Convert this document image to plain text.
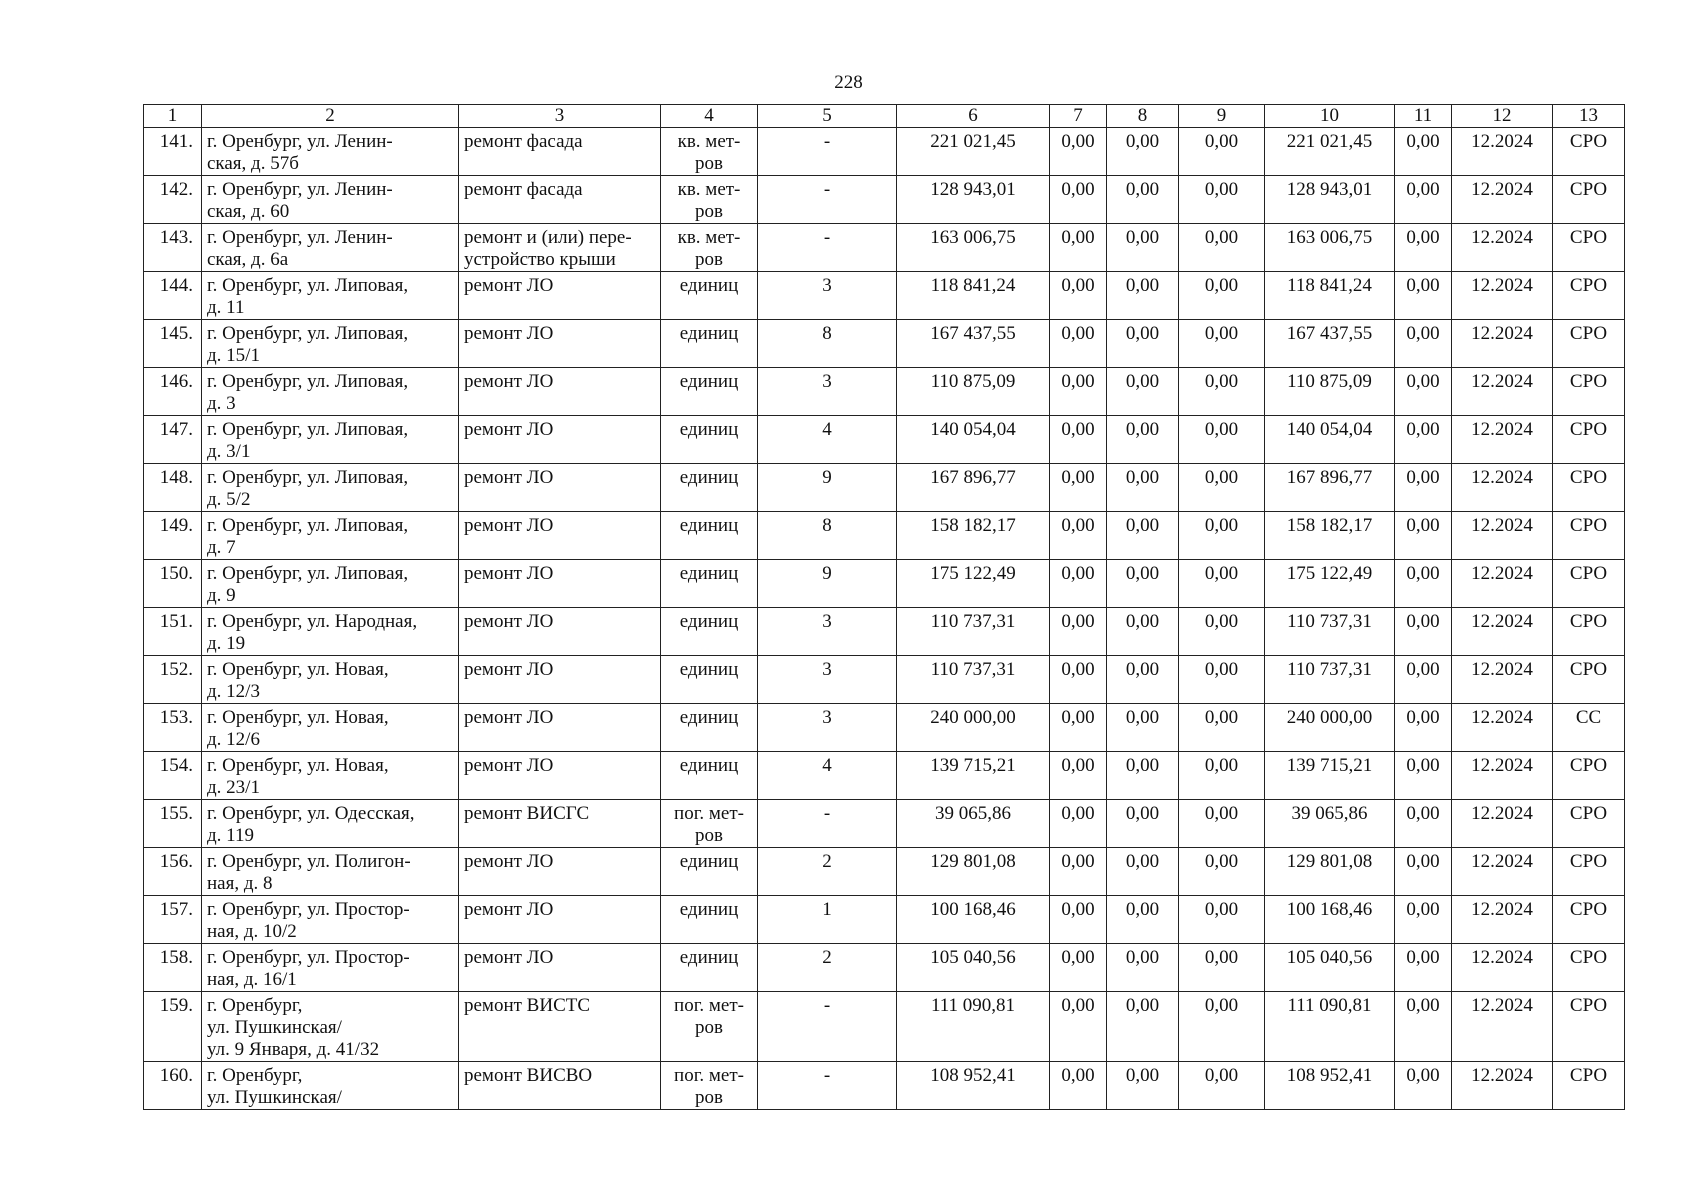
228
1	2	3	4	5	6	7	8	9	10	11	12	13
141.	г. Оренбург, ул. Ленин-
ская, д. 57б	ремонт фасада	кв. мет-
ров	-	221 021,45	0,00	0,00	0,00	221 021,45	0,00	12.2024	СРО
142.	г. Оренбург, ул. Ленин-
ская, д. 60	ремонт фасада	кв. мет-
ров	-	128 943,01	0,00	0,00	0,00	128 943,01	0,00	12.2024	СРО
143.	г. Оренбург, ул. Ленин-
ская, д. 6а	ремонт и (или) пере-
устройство крыши	кв. мет-
ров	-	163 006,75	0,00	0,00	0,00	163 006,75	0,00	12.2024	СРО
144.	г. Оренбург, ул. Липовая,
д. 11	ремонт ЛО	единиц	3	118 841,24	0,00	0,00	0,00	118 841,24	0,00	12.2024	СРО
145.	г. Оренбург, ул. Липовая,
д. 15/1	ремонт ЛО	единиц	8	167 437,55	0,00	0,00	0,00	167 437,55	0,00	12.2024	СРО
146.	г. Оренбург, ул. Липовая,
д. 3	ремонт ЛО	единиц	3	110 875,09	0,00	0,00	0,00	110 875,09	0,00	12.2024	СРО
147.	г. Оренбург, ул. Липовая,
д. 3/1	ремонт ЛО	единиц	4	140 054,04	0,00	0,00	0,00	140 054,04	0,00	12.2024	СРО
148.	г. Оренбург, ул. Липовая,
д. 5/2	ремонт ЛО	единиц	9	167 896,77	0,00	0,00	0,00	167 896,77	0,00	12.2024	СРО
149.	г. Оренбург, ул. Липовая,
д. 7	ремонт ЛО	единиц	8	158 182,17	0,00	0,00	0,00	158 182,17	0,00	12.2024	СРО
150.	г. Оренбург, ул. Липовая,
д. 9	ремонт ЛО	единиц	9	175 122,49	0,00	0,00	0,00	175 122,49	0,00	12.2024	СРО
151.	г. Оренбург, ул. Народная,
д. 19	ремонт ЛО	единиц	3	110 737,31	0,00	0,00	0,00	110 737,31	0,00	12.2024	СРО
152.	г. Оренбург, ул. Новая,
д. 12/3	ремонт ЛО	единиц	3	110 737,31	0,00	0,00	0,00	110 737,31	0,00	12.2024	СРО
153.	г. Оренбург, ул. Новая,
д. 12/6	ремонт ЛО	единиц	3	240 000,00	0,00	0,00	0,00	240 000,00	0,00	12.2024	СС
154.	г. Оренбург, ул. Новая,
д. 23/1	ремонт ЛО	единиц	4	139 715,21	0,00	0,00	0,00	139 715,21	0,00	12.2024	СРО
155.	г. Оренбург, ул. Одесская,
д. 119	ремонт ВИСГС	пог. мет-
ров	-	39 065,86	0,00	0,00	0,00	39 065,86	0,00	12.2024	СРО
156.	г. Оренбург, ул. Полигон-
ная, д. 8	ремонт ЛО	единиц	2	129 801,08	0,00	0,00	0,00	129 801,08	0,00	12.2024	СРО
157.	г. Оренбург, ул. Простор-
ная, д. 10/2	ремонт ЛО	единиц	1	100 168,46	0,00	0,00	0,00	100 168,46	0,00	12.2024	СРО
158.	г. Оренбург, ул. Простор-
ная, д. 16/1	ремонт ЛО	единиц	2	105 040,56	0,00	0,00	0,00	105 040,56	0,00	12.2024	СРО
159.	г. Оренбург,
ул. Пушкинская/
ул. 9 Января, д. 41/32	ремонт ВИСТС	пог. мет-
ров	-	111 090,81	0,00	0,00	0,00	111 090,81	0,00	12.2024	СРО
160.	г. Оренбург,
ул. Пушкинская/	ремонт ВИСВО	пог. мет-
ров	-	108 952,41	0,00	0,00	0,00	108 952,41	0,00	12.2024	СРО
